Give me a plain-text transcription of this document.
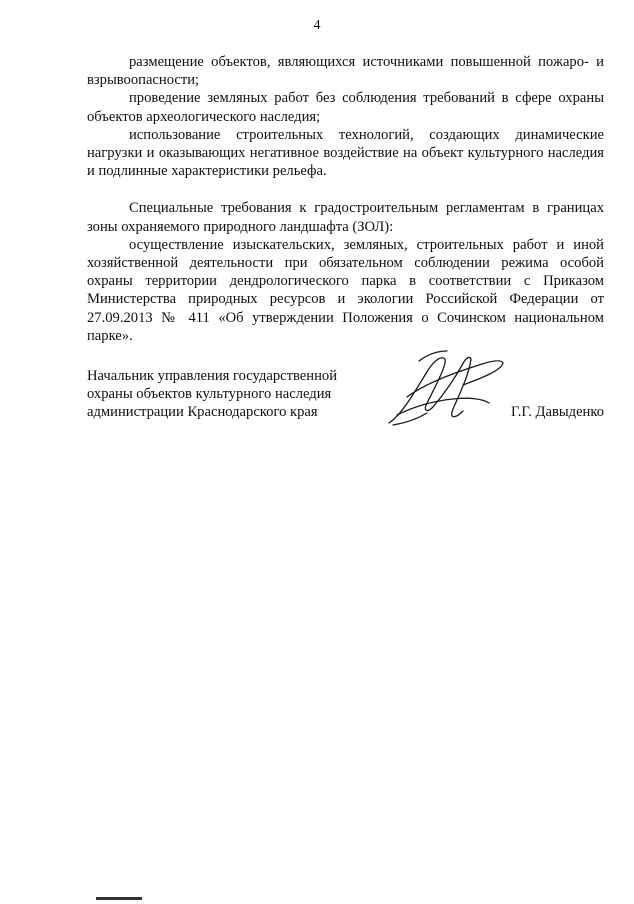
4

размещение объектов, являющихся источниками повышенной пожаро- и взрывоопасности;

проведение земляных работ без соблюдения требований в сфере охраны объектов археологического наследия;

использование строительных технологий, создающих динамические нагрузки и оказывающих негативное воздействие на объект культурного наследия и подлинные характеристики рельефа.

Специальные требования к градостроительным регламентам в границах зоны охраняемого природного ландшафта (ЗОЛ):

осуществление изыскательских, земляных, строительных работ и иной хозяйственной деятельности при обязательном соблюдении режима особой охраны территории дендрологического парка в соответствии с Приказом Министерства природных ресурсов и экологии Российской Федерации от 27.09.2013 № 411 «Об утверждении Положения о Сочинском национальном парке».

Начальник управления государственной
охраны объектов культурного наследия
администрации Краснодарского края	Г.Г. Давыденко
